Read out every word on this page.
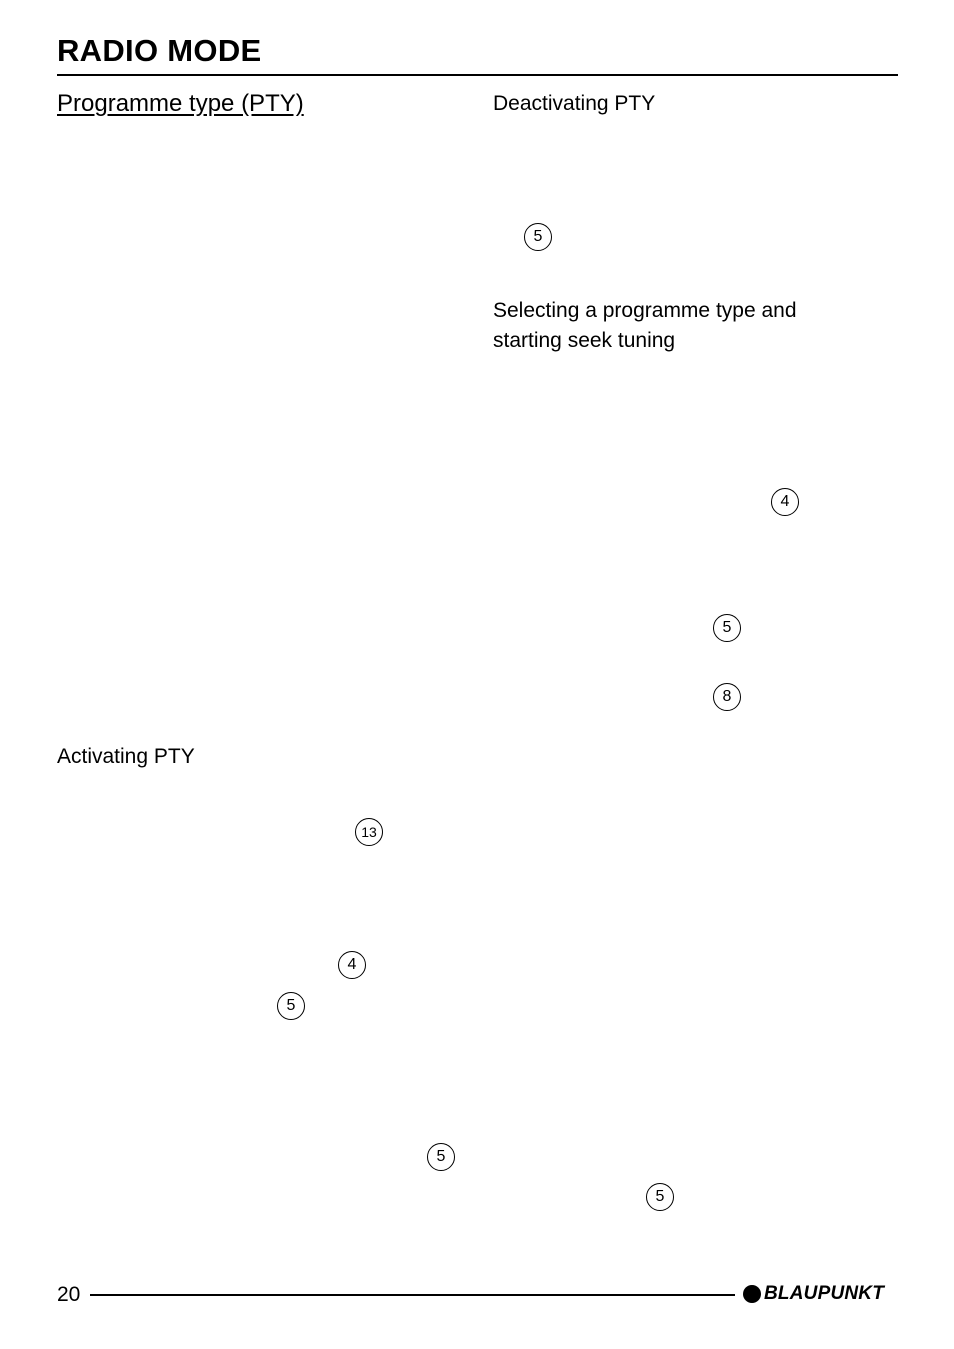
RADIO MODE
Programme type (PTY)
Activating PTY
Deactivating PTY
Selecting a programme type and
starting seek tuning
13
4
5
5
5
4
5
8
5
20	BLAUPUNKT
